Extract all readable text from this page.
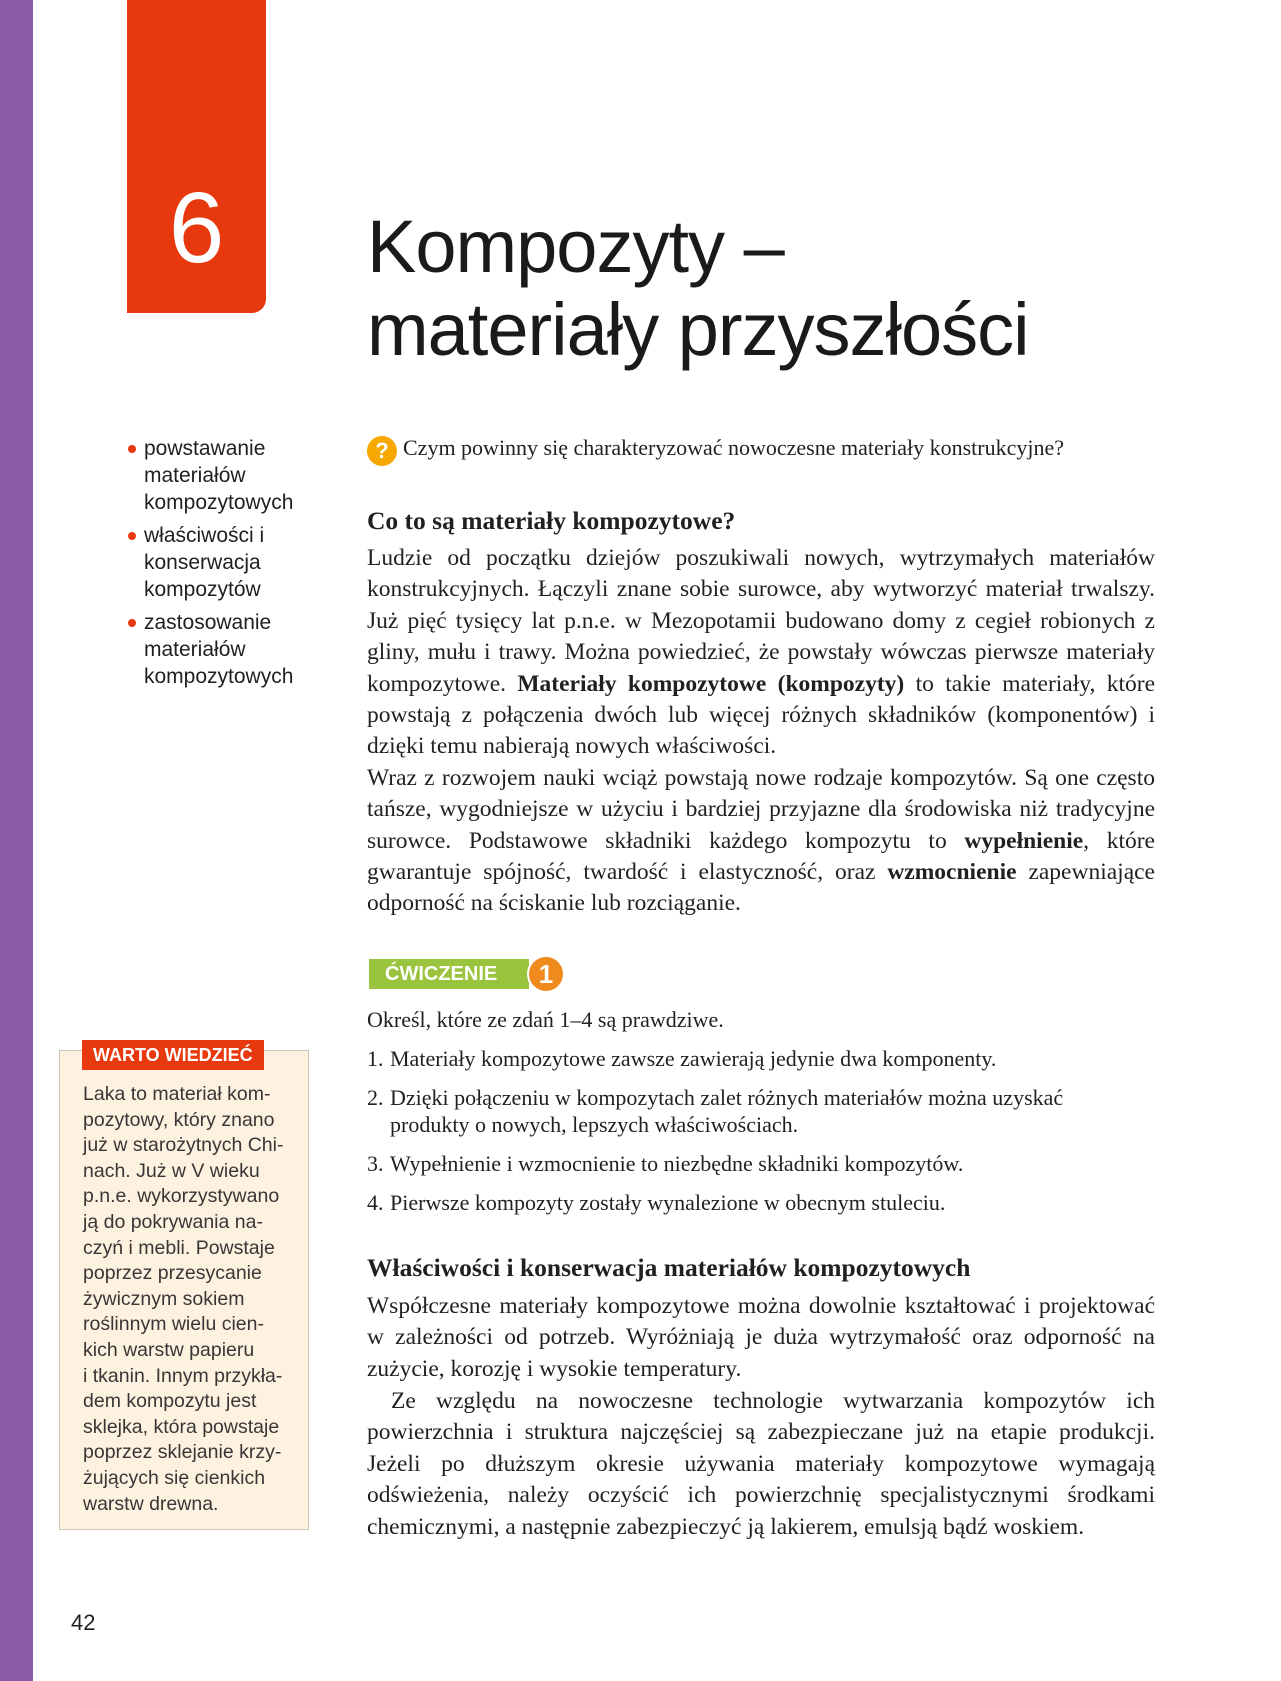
6	Kompozyty –
materiały przyszłości
powstawanie materiałów kompozytowych
właściwości i konserwacja kompozytów
zastosowanie materiałów kompozytowych
? Czym powinny się charakteryzować nowoczesne materiały konstrukcyjne?
Co to są materiały kompozytowe?

Ludzie od początku dziejów poszukiwali nowych, wytrzymałych materiałów konstrukcyjnych. Łączyli znane sobie surowce, aby wytworzyć materiał trwalszy. Już pięć tysięcy lat p.n.e. w Mezopotamii budowano domy z cegieł robionych z gliny, mułu i trawy. Można powiedzieć, że powstały wówczas pierwsze materiały kompozytowe. Materiały kompozytowe (kompozyty) to takie materiały, które powstają z połączenia dwóch lub więcej różnych składników (komponentów) i dzięki temu nabierają nowych właściwości.
Wraz z rozwojem nauki wciąż powstają nowe rodzaje kompozytów. Są one często tańsze, wygodniejsze w użyciu i bardziej przyjazne dla środowiska niż tradycyjne surowce. Podstawowe składniki każdego kompozytu to wypełnienie, które gwarantuje spójność, twardość i elastyczność, oraz wzmocnienie zapewniające odporność na ściskanie lub rozciąganie.

ĆWICZENIE	1

Określ, które ze zdań 1–4 są prawdziwe.

1. Materiały kompozytowe zawsze zawierają jedynie dwa komponenty.
2. Dzięki połączeniu w kompozytach zalet różnych materiałów można uzyskać produkty o nowych, lepszych właściwościach.
3. Wypełnienie i wzmocnienie to niezbędne składniki kompozytów.
4. Pierwsze kompozyty zostały wynalezione w obecnym stuleciu.
Właściwości i konserwacja materiałów kompozytowych

Współczesne materiały kompozytowe można dowolnie kształtować i projektować w zależności od potrzeb. Wyróżniają je duża wytrzymałość oraz odporność na zużycie, korozję i wysokie temperatury.

Ze względu na nowoczesne technologie wytwarzania kompozytów ich powierzchnia i struktura najczęściej są zabezpieczane już na etapie produkcji. Jeżeli po dłuższym okresie używania materiały kompozytowe wymagają odświeżenia, należy oczyścić ich powierzchnię specjalistycznymi środkami chemicznymi, a następnie zabezpieczyć ją lakierem, emulsją bądź woskiem.

WARTO WIEDZIEĆ
Laka to materiał kom-
pozytowy, który znano
już w starożytnych Chi-
nach. Już w V wieku
p.n.e. wykorzystywano
ją do pokrywania na-
czyń i mebli. Powstaje
poprzez przesycanie
żywicznym sokiem
roślinnym wielu cien-
kich warstw papieru
i tkanin. Innym przykła-
dem kompozytu jest
sklejka, która powstaje
poprzez sklejanie krzy-
żujących się cienkich
warstw drewna.
42
